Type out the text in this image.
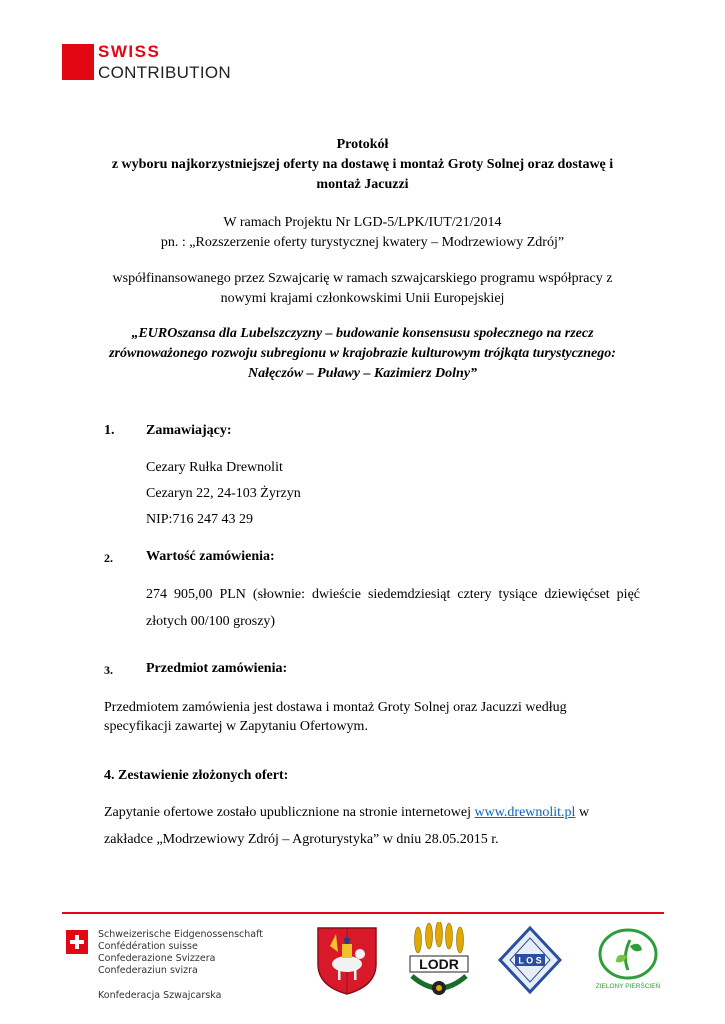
SWISS
CONTRIBUTION
Protokół
z wyboru najkorzystniejszej oferty na dostawę i montaż Groty Solnej oraz dostawę i
montaż Jacuzzi
W ramach Projektu Nr LGD-5/LPK/IUT/21/2014
pn. : „Rozszerzenie oferty turystycznej kwatery – Modrzewiowy Zdrój”
współfinansowanego przez Szwajcarię w ramach szwajcarskiego programu współpracy z
nowymi krajami członkowskimi Unii Europejskiej
„EUROszansa dla Lubelszczyzny – budowanie konsensusu społecznego na rzecz
zrównoważonego rozwoju subregionu w krajobrazie kulturowym trójkąta turystycznego:
Nałęczów – Puławy – Kazimierz Dolny”
1. Zamawiający:
Cezary Rułka Drewnolit
Cezaryn 22, 24-103 Żyrzyn
NIP:716 247 43 29
2. Wartość zamówienia:
274 905,00 PLN (słownie: dwieście siedemdziesiąt cztery tysiące dziewięćset pięć
złotych 00/100 groszy)
3. Przedmiot zamówienia:
Przedmiotem zamówienia jest dostawa i montaż Groty Solnej oraz Jacuzzi według
specyfikacji zawartej w Zapytaniu Ofertowym.
4. Zestawienie złożonych ofert:
Zapytanie ofertowe zostało upublicznione na stronie internetowej www.drewnolit.pl w
zakładce „Modrzewiowy Zdrój – Agroturystyka” w dniu 28.05.2015 r.
Schweizerische Eidgenossenschaft
Confédération suisse
Confederazione Svizzera
Confederaziun svizra
Konfederacja Szwajcarska
LODR	L O S
ZIELONY PIERŚCIEŃ
